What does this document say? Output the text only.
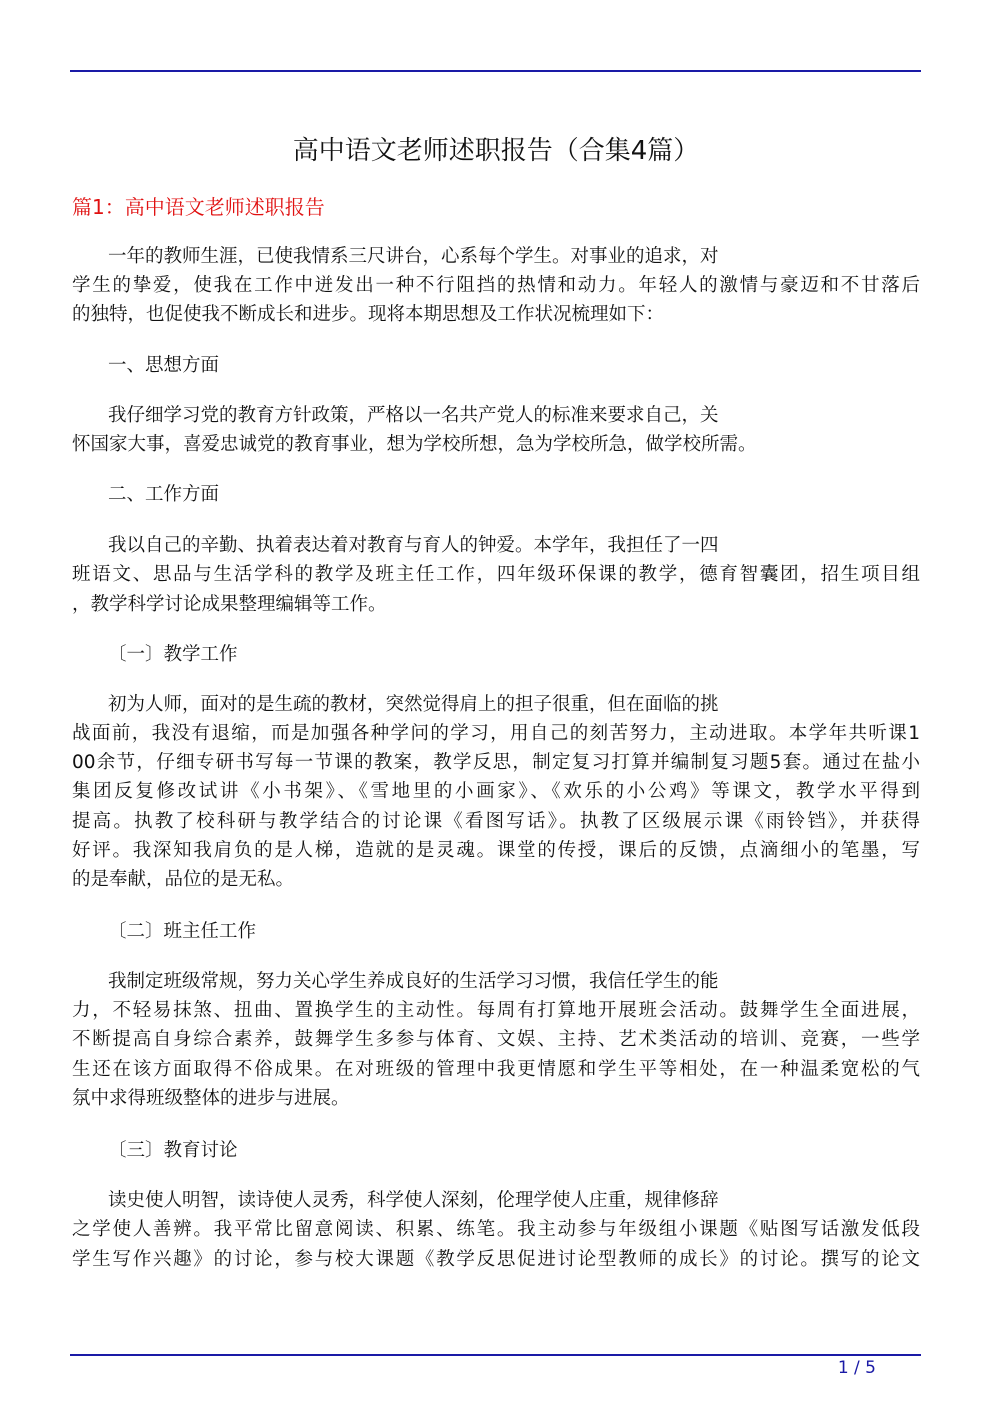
高中语文老师述职报告（合集4篇）
篇1：高中语文老师述职报告
一年的教师生涯，已使我情系三尺讲台，心系每个学生。对事业的追求，对
学生的挚爱，使我在工作中迸发出一种不行阻挡的热情和动力。年轻人的激情与豪迈和不甘落后
的独特，也促使我不断成长和进步。现将本期思想及工作状况梳理如下：
一、思想方面
我仔细学习党的教育方针政策，严格以一名共产党人的标准来要求自己，关
怀国家大事，喜爱忠诚党的教育事业，想为学校所想，急为学校所急，做学校所需。
二、工作方面
我以自己的辛勤、执着表达着对教育与育人的钟爱。本学年，我担任了一四
班语文、思品与生活学科的教学及班主任工作，四年级环保课的教学，德育智囊团，招生项目组
，教学科学讨论成果整理编辑等工作。
〔一〕教学工作
初为人师，面对的是生疏的教材，突然觉得肩上的担子很重，但在面临的挑
战面前，我没有退缩，而是加强各种学问的学习，用自己的刻苦努力，主动进取。本学年共听课1
00余节，仔细专研书写每一节课的教案，教学反思，制定复习打算并编制复习题5套。通过在盐小
集团反复修改试讲《小书架》、《雪地里的小画家》、《欢乐的小公鸡》等课文，教学水平得到
提高。执教了校科研与教学结合的讨论课《看图写话》。执教了区级展示课《雨铃铛》，并获得
好评。我深知我肩负的是人梯，造就的是灵魂。课堂的传授，课后的反馈，点滴细小的笔墨，写
的是奉献，品位的是无私。
〔二〕班主任工作
我制定班级常规，努力关心学生养成良好的生活学习习惯，我信任学生的能
力，不轻易抹煞、扭曲、置换学生的主动性。每周有打算地开展班会活动。鼓舞学生全面进展，
不断提高自身综合素养，鼓舞学生多参与体育、文娱、主持、艺术类活动的培训、竞赛，一些学
生还在该方面取得不俗成果。在对班级的管理中我更情愿和学生平等相处，在一种温柔宽松的气
氛中求得班级整体的进步与进展。
〔三〕教育讨论
读史使人明智，读诗使人灵秀，科学使人深刻，伦理学使人庄重，规律修辞
之学使人善辨。我平常比留意阅读、积累、练笔。我主动参与年级组小课题《贴图写话激发低段
学生写作兴趣》的讨论，参与校大课题《教学反思促进讨论型教师的成长》的讨论。撰写的论文
1 / 5
